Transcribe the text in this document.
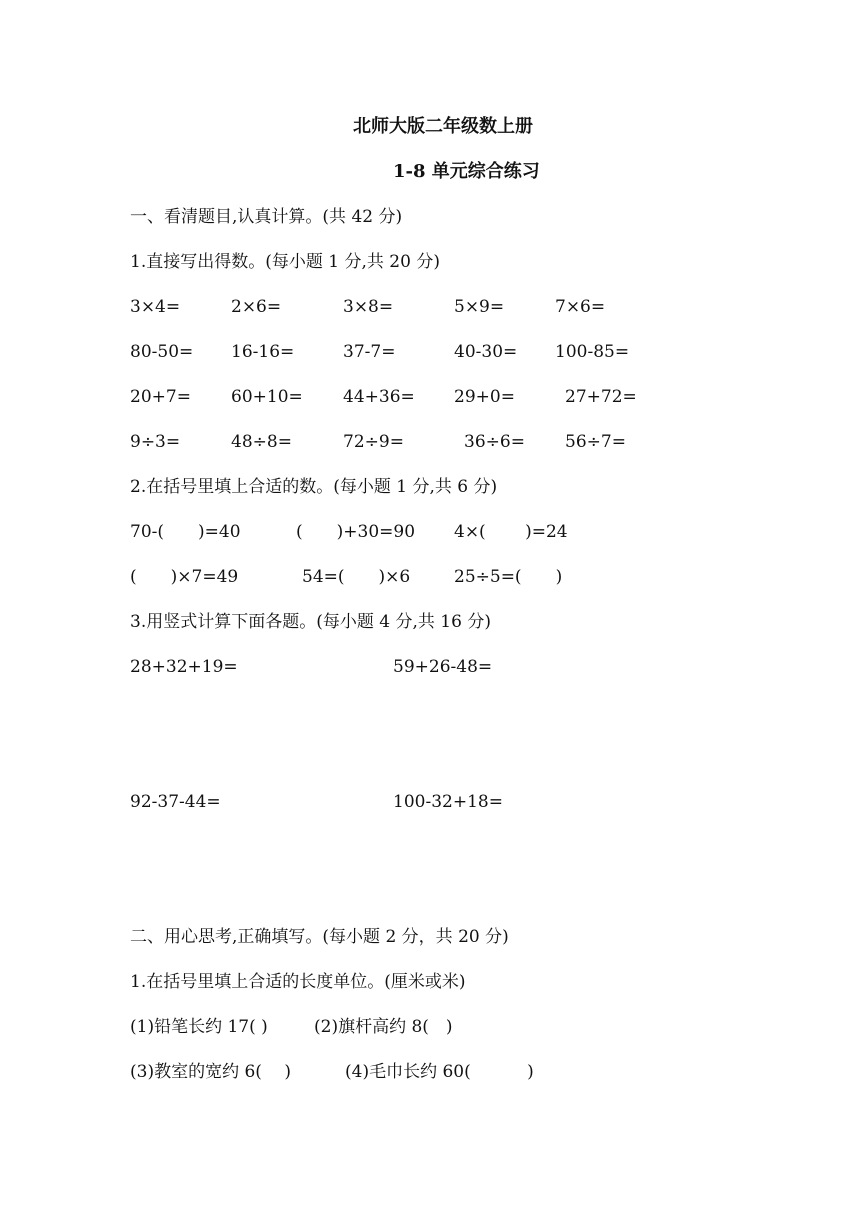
北师大版二年级数上册
1-8 单元综合练习
一、看清题目,认真计算。(共 42 分)
1.直接写出得数。(每小题 1 分,共 20 分)
3×4=	2×6=	3×8=	5×9=	7×6=
80-50= 16-16=	37-7=	40-30= 100-85=
20+7= 60+10= 44+36= 29+0=	27+72=
9÷3=	48÷8=	72÷9=	36÷6= 56÷7=
2.在括号里填上合适的数。(每小题 1 分,共 6 分)
70-(　　)=40	(　　)+30=90 4×(　　 )=24
(　　)×7=49	54=(　　)×6	25÷5=(　　)
3.用竖式计算下面各题。(每小题 4 分,共 16 分)
28+32+19=	59+26-48=
92-37-44=	100-32+18=
二、用心思考,正确填写。(每小题 2 分，共 20 分)
1.在括号里填上合适的长度单位。(厘米或米)
(1)铅笔长约 17( )	(2)旗杆高约 8(　)
(3)教室的宽约 6(　 )	(4)毛巾长约 60(　　　 )
